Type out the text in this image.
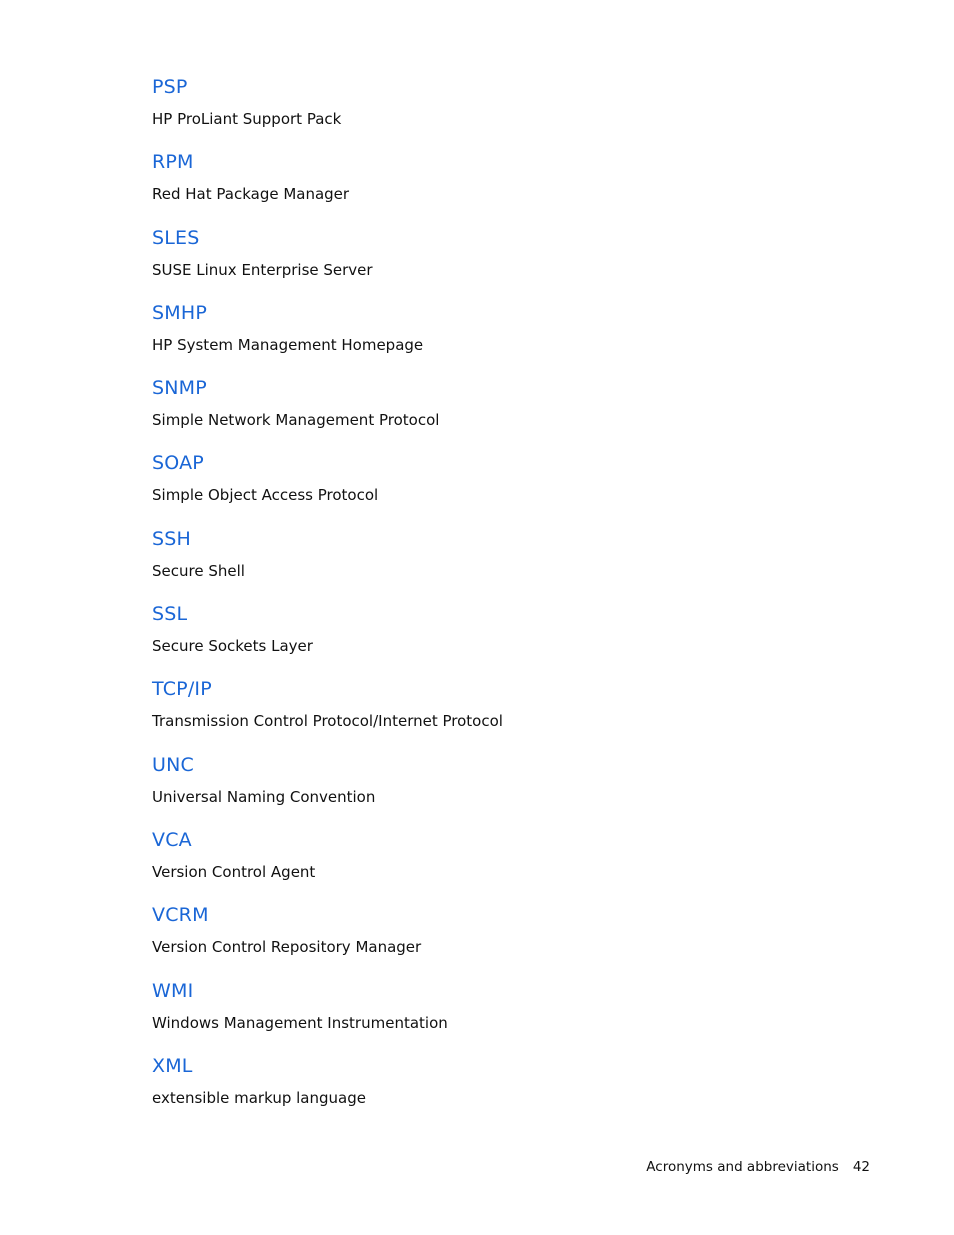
PSP
HP ProLiant Support Pack
RPM
Red Hat Package Manager
SLES
SUSE Linux Enterprise Server
SMHP
HP System Management Homepage
SNMP
Simple Network Management Protocol
SOAP
Simple Object Access Protocol
SSH
Secure Shell
SSL
Secure Sockets Layer
TCP/IP
Transmission Control Protocol/Internet Protocol
UNC
Universal Naming Convention
VCA
Version Control Agent
VCRM
Version Control Repository Manager
WMI
Windows Management Instrumentation
XML
extensible markup language
Acronyms and abbreviations 42
